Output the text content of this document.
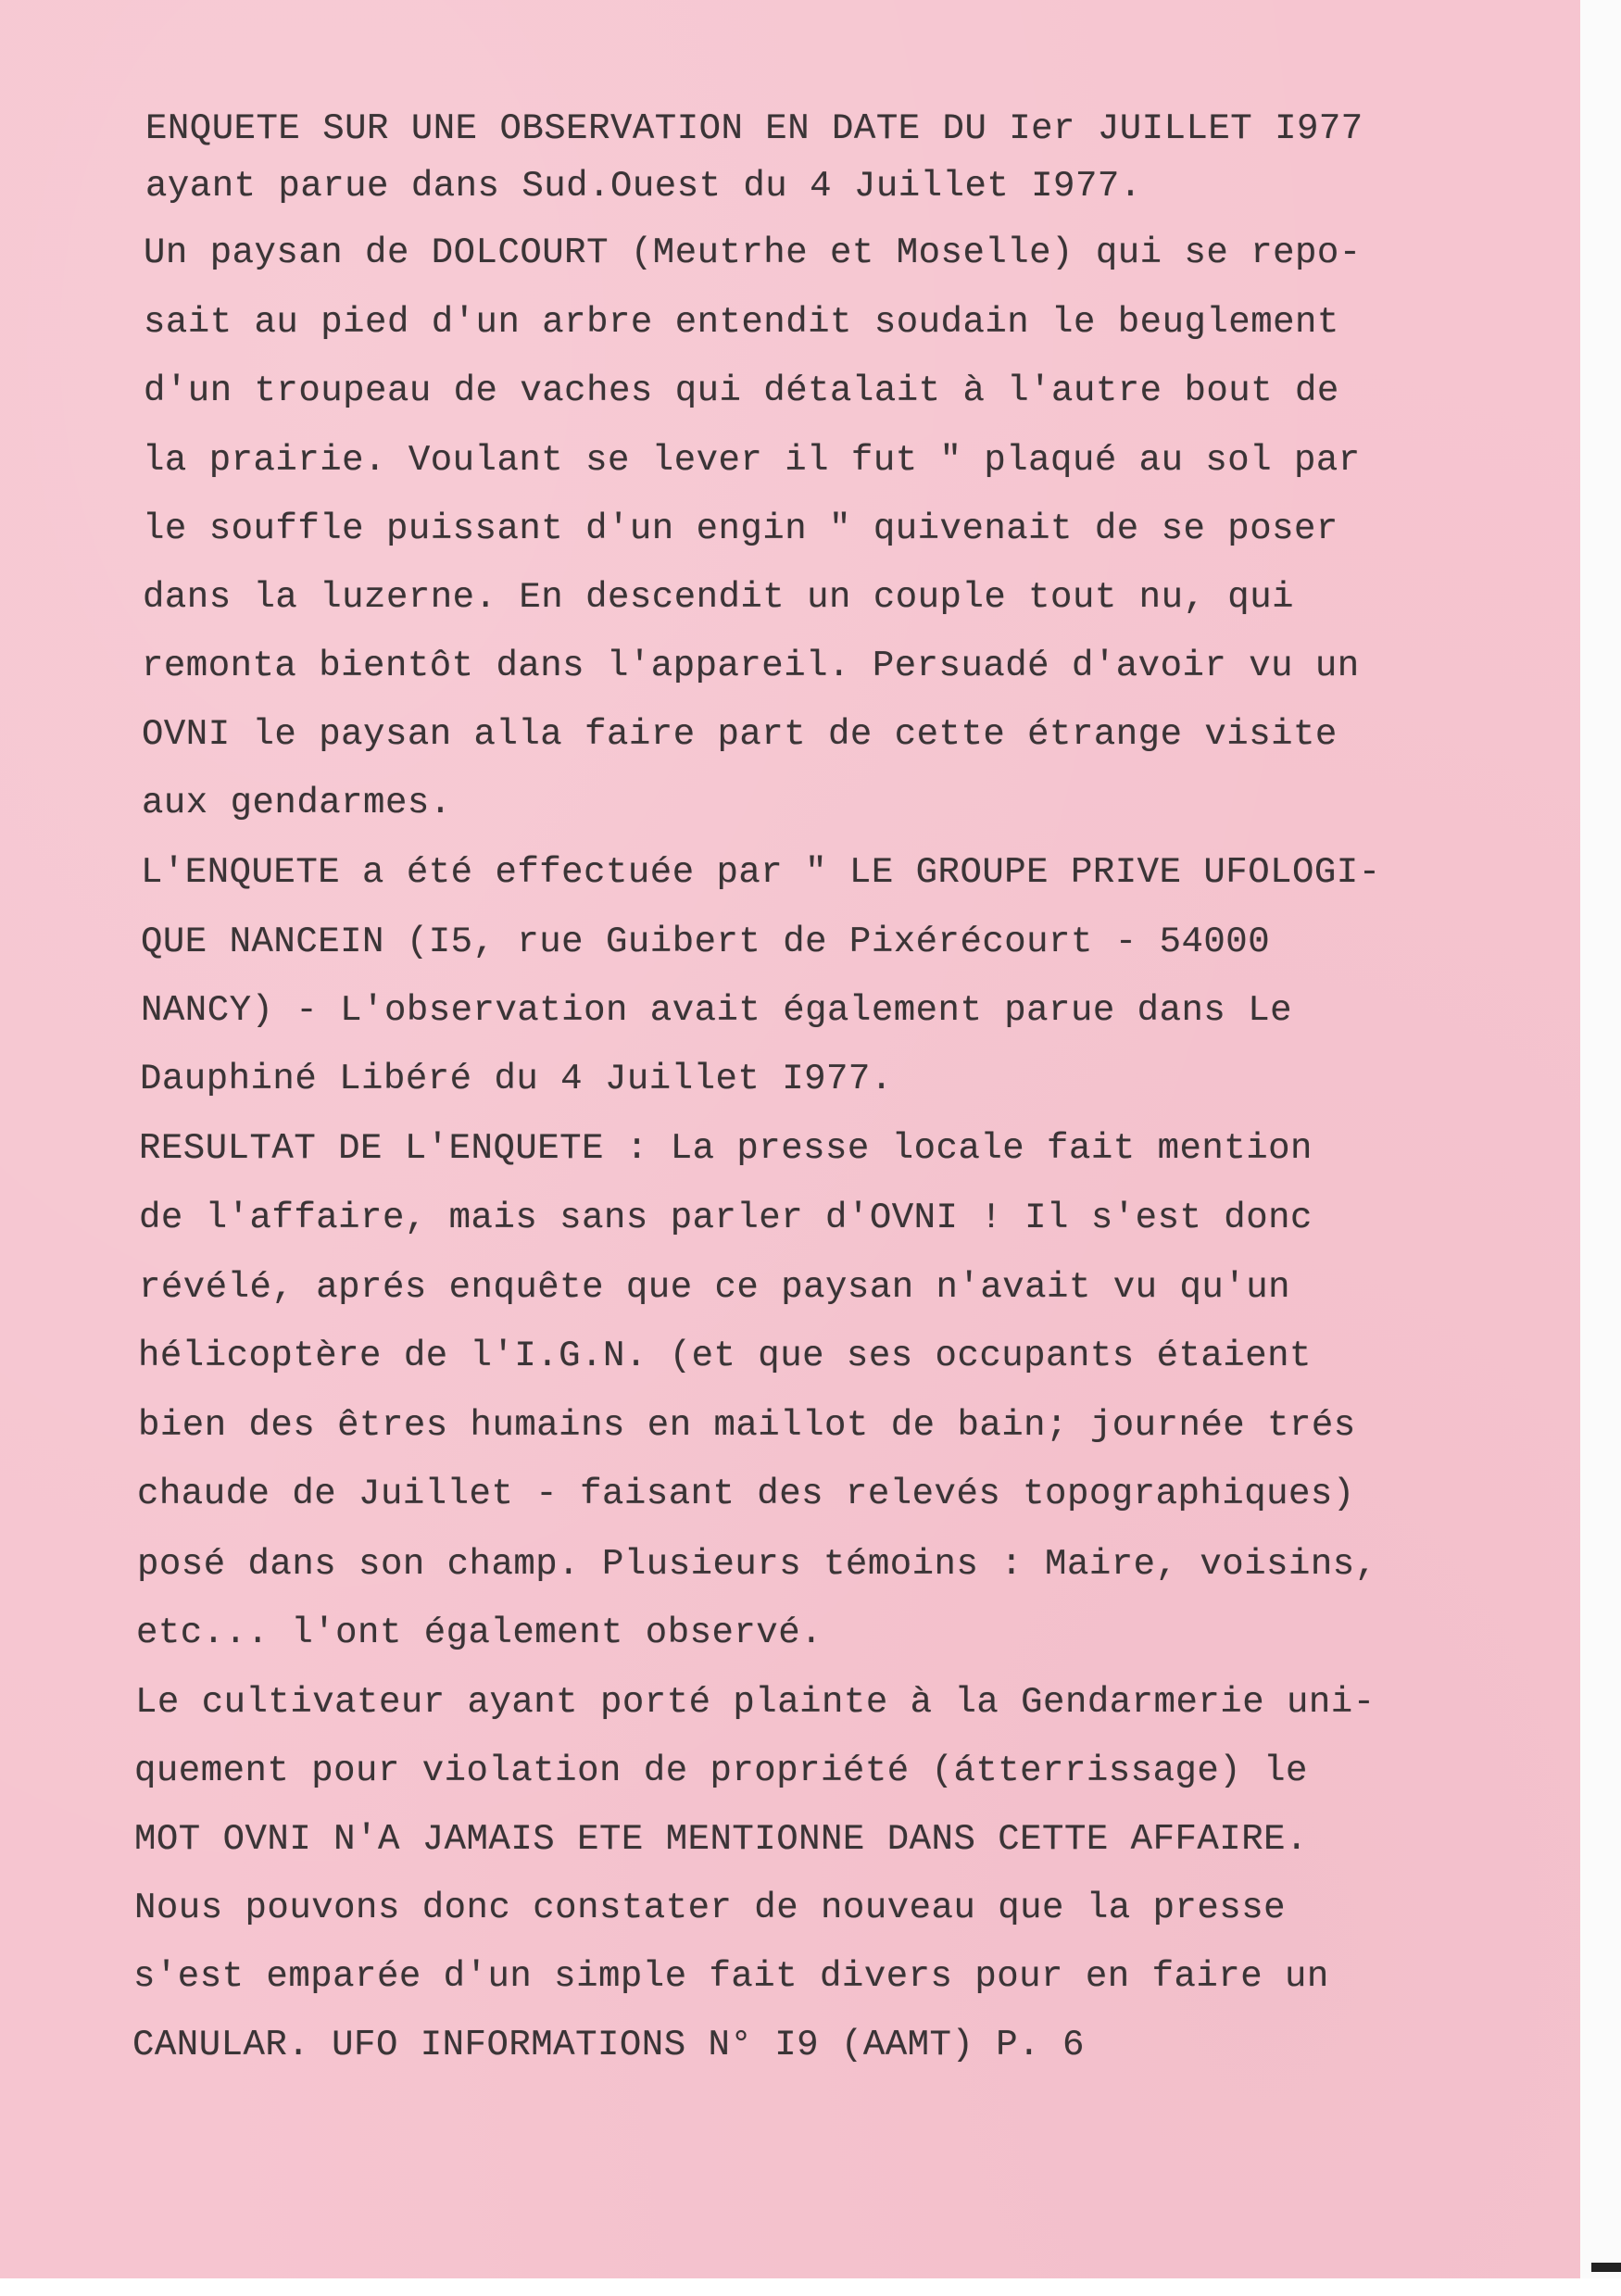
ENQUETE SUR UNE OBSERVATION EN DATE DU Ier JUILLET I977
ayant parue dans Sud.Ouest du 4 Juillet I977.
Un paysan de DOLCOURT (Meutrhe et Moselle) qui se repo-
sait au pied d'un arbre entendit soudain le beuglement
d'un troupeau de vaches qui détalait à l'autre bout de
la prairie. Voulant se lever il fut " plaqué au sol par
le souffle puissant d'un engin " quivenait de se poser
dans la luzerne. En descendit un couple tout nu, qui
remonta bientôt dans l'appareil. Persuadé d'avoir vu un
OVNI le paysan alla faire part de cette étrange visite
aux gendarmes.
L'ENQUETE a été effectuée par " LE GROUPE PRIVE UFOLOGI-
QUE NANCEIN (I5, rue Guibert de Pixérécourt - 54000
NANCY) - L'observation avait également parue dans Le
Dauphiné Libéré du 4 Juillet I977.
RESULTAT DE L'ENQUETE : La presse locale fait mention
de l'affaire, mais sans parler d'OVNI ! Il s'est donc
révélé, aprés enquête que ce paysan n'avait vu qu'un
hélicoptère de l'I.G.N. (et que ses occupants étaient
bien des êtres humains en maillot de bain; journée trés
chaude de Juillet - faisant des relevés topographiques)
posé dans son champ. Plusieurs témoins : Maire, voisins,
etc... l'ont également observé.
Le cultivateur ayant porté plainte à la Gendarmerie uni-
quement pour violation de propriété (átterrissage) le
MOT OVNI N'A JAMAIS ETE MENTIONNE DANS CETTE AFFAIRE.
Nous pouvons donc constater de nouveau que la presse
s'est emparée d'un simple fait divers pour en faire un
CANULAR. UFO INFORMATIONS N° I9 (AAMT) P. 6
